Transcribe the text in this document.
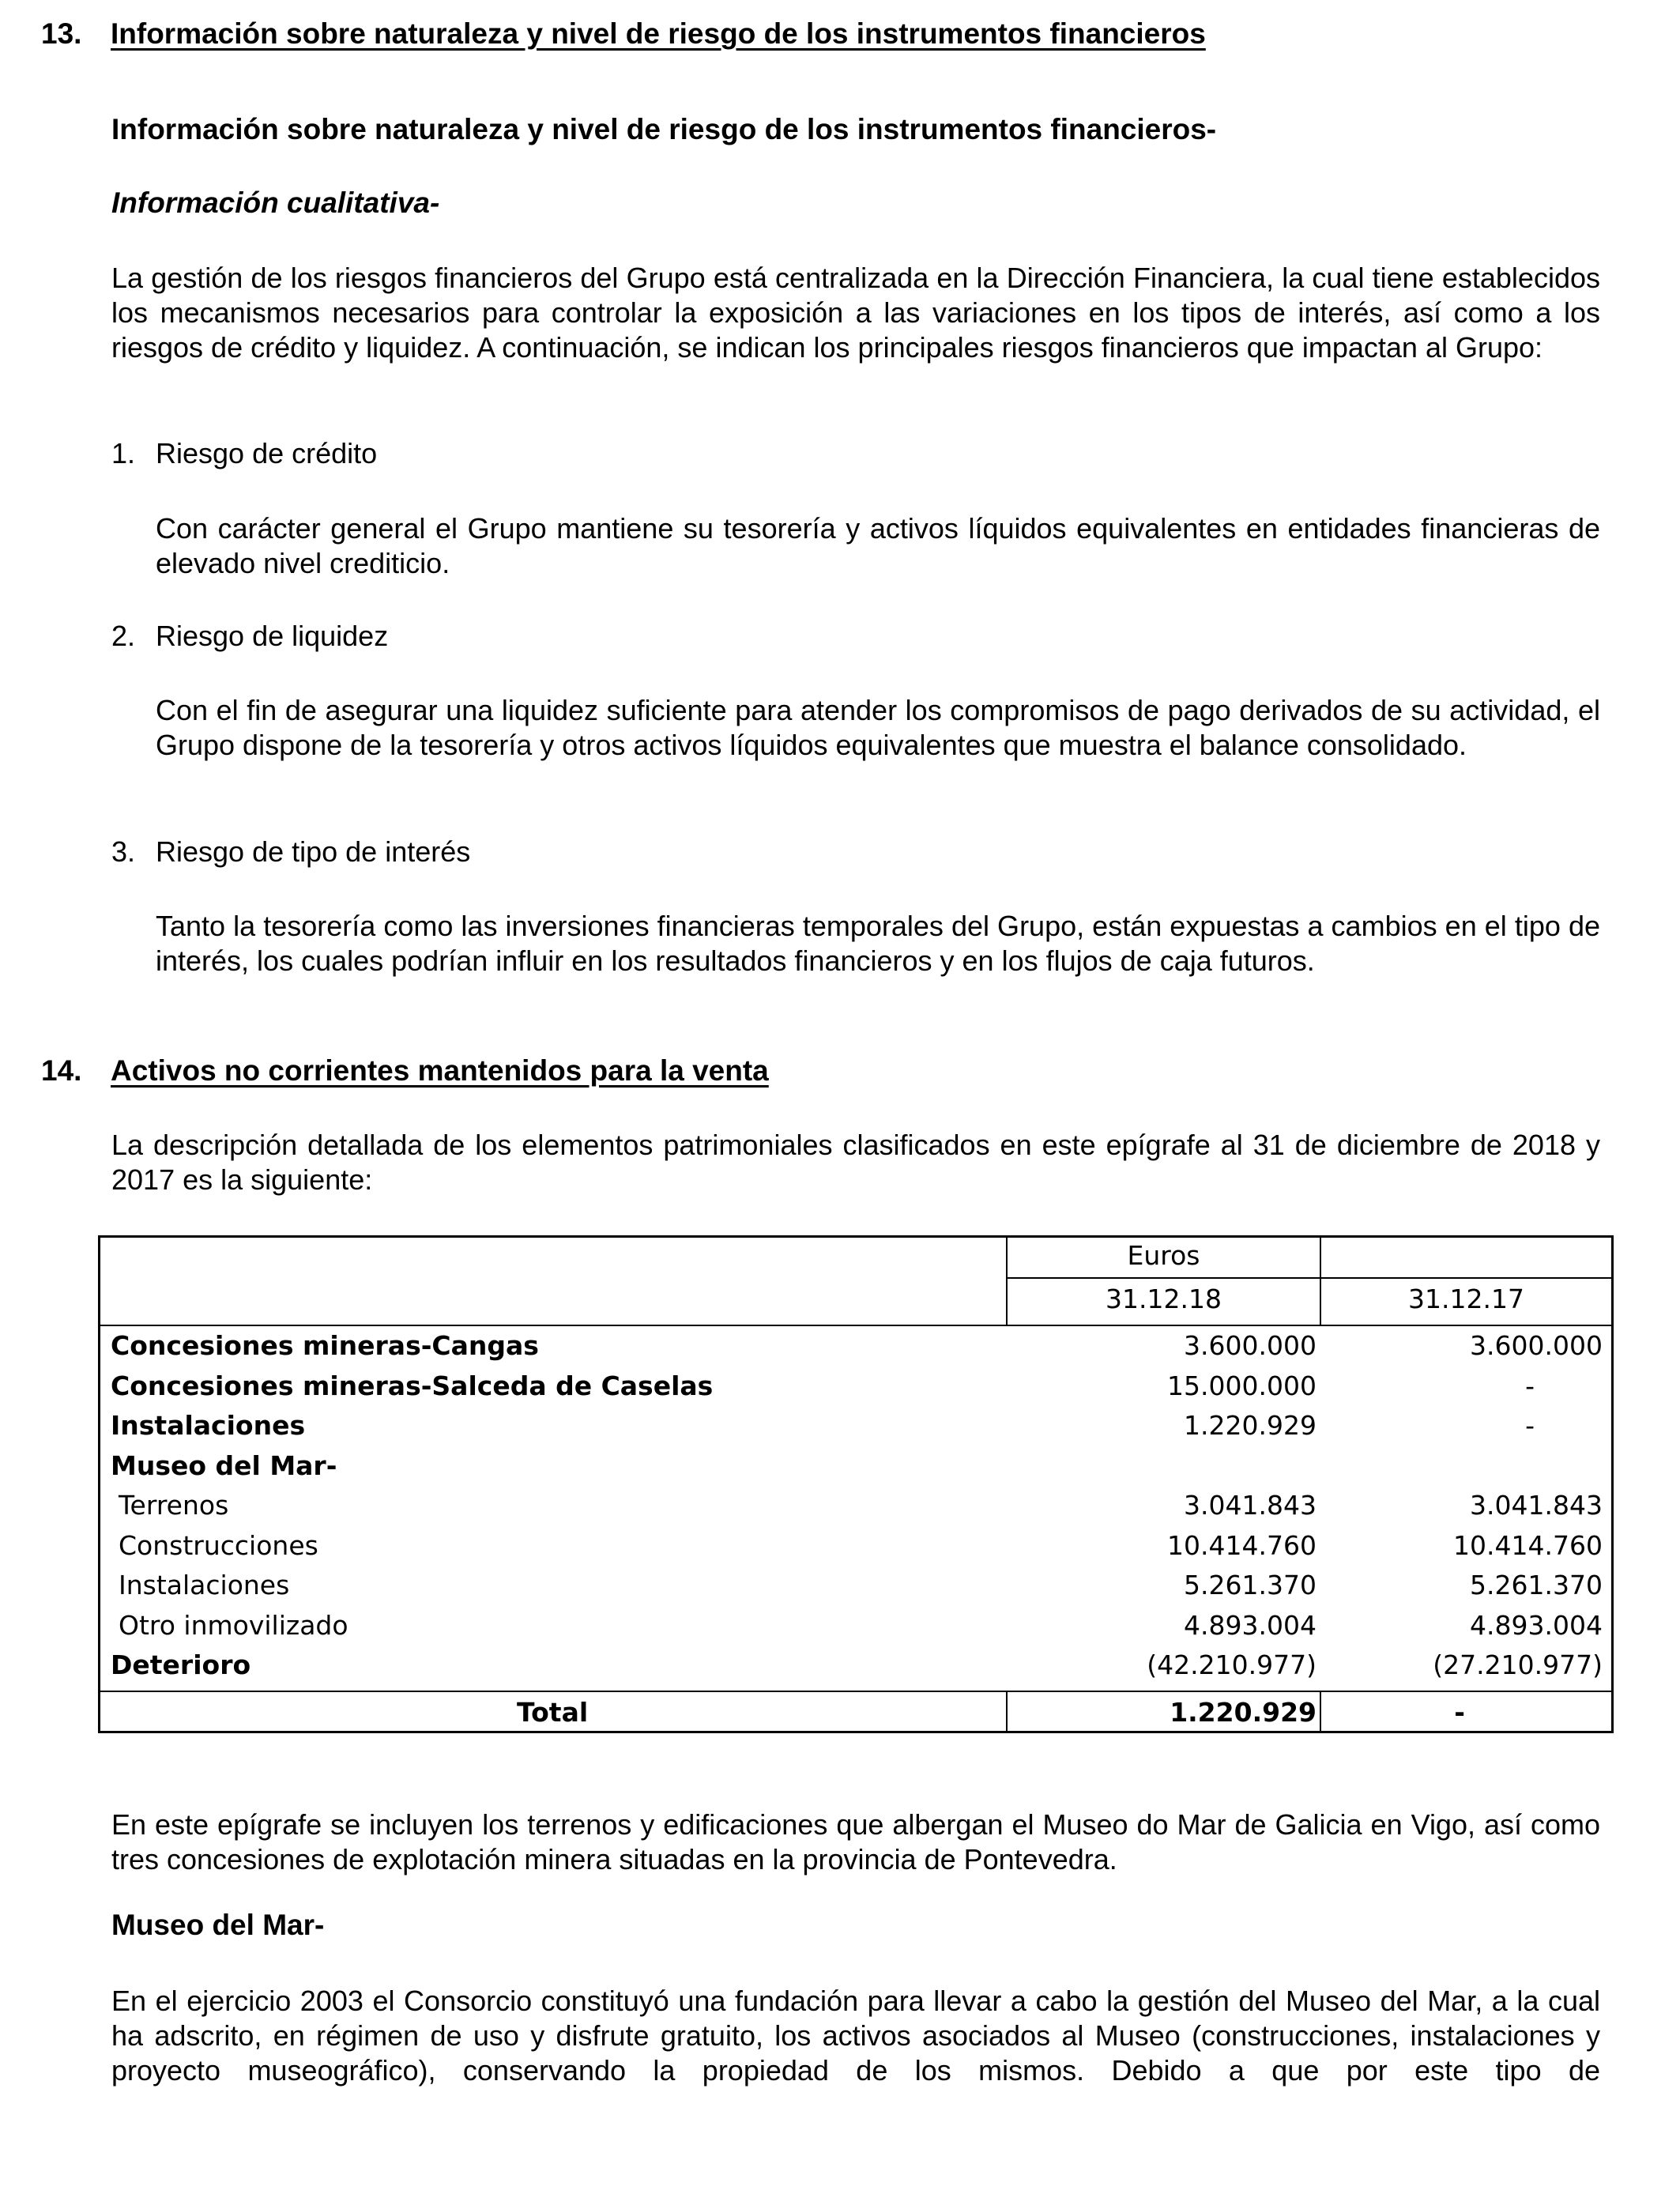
13. Información sobre naturaleza y nivel de riesgo de los instrumentos financieros
Información sobre naturaleza y nivel de riesgo de los instrumentos financieros-
Información cualitativa-

La gestión de los riesgos financieros del Grupo está centralizada en la Dirección Financiera, la cual tiene establecidos los mecanismos necesarios para controlar la exposición a las variaciones en los tipos de interés, así como a los riesgos de crédito y liquidez. A continuación, se indican los principales riesgos financieros que impactan al Grupo:

1. Riesgo de crédito

Con carácter general el Grupo mantiene su tesorería y activos líquidos equivalentes en entidades financieras de elevado nivel crediticio.

2. Riesgo de liquidez

Con el fin de asegurar una liquidez suficiente para atender los compromisos de pago derivados de su actividad, el Grupo dispone de la tesorería y otros activos líquidos equivalentes que muestra el balance consolidado.

3. Riesgo de tipo de interés

Tanto la tesorería como las inversiones financieras temporales del Grupo, están expuestas a cambios en el tipo de interés, los cuales podrían influir en los resultados financieros y en los flujos de caja futuros.

14. Activos no corrientes mantenidos para la venta

La descripción detallada de los elementos patrimoniales clasificados en este epígrafe al 31 de diciembre de 2018 y 2017 es la siguiente:

Euros
31.12.18	31.12.17
Concesiones mineras-Cangas	3.600.000	3.600.000
Concesiones mineras-Salceda de Caselas	15.000.000	-
Instalaciones	1.220.929	-
Museo del Mar-
Terrenos	3.041.843	3.041.843
Construcciones	10.414.760	10.414.760
Instalaciones	5.261.370	5.261.370
Otro inmovilizado	4.893.004	4.893.004
Deterioro	(42.210.977)	(27.210.977)
Total	1.220.929	-

En este epígrafe se incluyen los terrenos y edificaciones que albergan el Museo do Mar de Galicia en Vigo, así como tres concesiones de explotación minera situadas en la provincia de Pontevedra.

Museo del Mar-

En el ejercicio 2003 el Consorcio constituyó una fundación para llevar a cabo la gestión del Museo del Mar, a la cual ha adscrito, en régimen de uso y disfrute gratuito, los activos asociados al Museo (construcciones, instalaciones y proyecto museográfico), conservando la propiedad de los mismos. Debido a que por este tipo de
